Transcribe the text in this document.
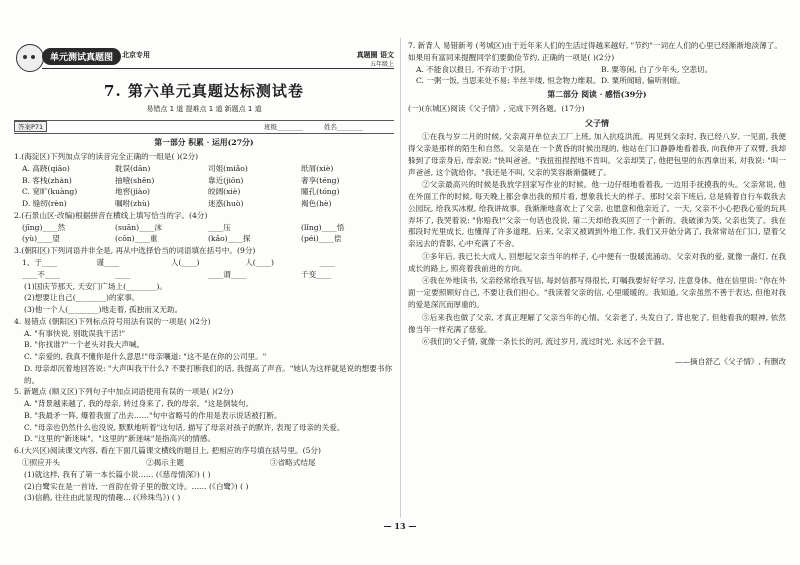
单元测试真题图	北京专用	真题圈 语文
五年级上
7. 第六单元真题达标测试卷
易错点 1 道 提难点 1 道 新题点 1 道
答案P71	班级________	姓名________
第一部分 积累 · 运用(27分)

1.(海淀区)下列加点字的读音完全正确的一组是( )(2分)

A. 高跷(qiāo)	耽误(dān)	司姐(miǎo)	纸屑(xiè)
B. 客栈(zhàn)	抽噎(shēn)	靠近(jiōn)	奢享(téng)
C. 宽旷(kuàng)	地窖(jiào)	皎阔(xiè)	瞳孔(tóng)
D. 缝纫(rèn)	嘱咐(zhù)	迷惑(huò)	褐色(hè)

2.(石景山区·改编)根据拼音在横线上填写恰当的字。(4分)

(jīng)____然	(suān)____沫	____压	(lǐng)____悟
(yù)____望	(cōn)____重	(kǎo)____探	(péi)____偿

3.(朝阳区)下列词语并非全是, 再从中选择恰当的词语填在括号中。(9分)

1、于____	谨____	人(____)	人(____)	____
____不____	____	____谓____	千变____

(1)国庆节那天, 天安门广场上(________)。

(2)想要让自己(________)的家事。

(3)他一个人(________)地走着, 孤独而又无助。

4. 易错点 (朝阳区)下列标点符号用法有误的一项是( )(2分)

A. "有事快说, 别耽误我干活!"

B. "你找谁?"一个老头对我大声喊。

C. "亲爱的, 我真不懂你是什么意思!"母亲嚷道: "这不是在你的公司里。"

D. 母亲却沉着地回答说: "大声叫我干什么? 不要打断我们的话, 我提高了声音。"她认为这样就是说的想要书你的。

5. 新题点 (顺义区)下列句子中加点词语使用有误的一项是( )(2分)

A. "背景越来越了, 我的母亲, 转过身来了, 我的母亲。"这是倒装句。

B. "我最矛一阵, 爆着我窗了出去……"句中省略号的作用是表示说话被打断。

C. "母亲也仍然什么也没说, 默默地听着"这句话, 描写了母亲对孩子的默许, 表现了母亲的关爱。

D. "这里的"新迷味"。"这里的"新迷味"是指高兴的情感。

6.(大兴区)阅读课文内容, 看在下面几篇课文横线的题目上, 把相应的序号填在括号里。(5分)

①照应开头	②揭示主题	③省略式结尾

(1)就这样, 我有了第一本长篇小说…… (《慈母情深》) ( )

(2)白鹭实在是一首诗, 一首韵在骨子里的散文诗。…… (《白鹭》) ( )

(3)信鹤, 往往由此显现的情趣… (《珍珠鸟》) ( )

7. 新背人 易错新考 (考城区)由于近年来人们的生活过得越来越好, "节约"一词在人们的心里已经渐渐地淡薄了。如果用有富同来提醒同学们要勤俭节约, 正确的一项是( )(2分)

A. 不能食以报日, 不弃动于寸阴。	B. 粟等闲, 白了少年头, 空悲切。
C. 一粥一饭, 当思来处不易; 半丝半缕, 恒念物力维艰。 D. 粟所闻暗, 偏听则暗。
第二部分 阅读 · 感悟(39分)

(一)(东城区)阅读《父子情》, 完成下列各题。(17分)

父子情

①在我与岁二月的时候, 父亲离开单位去工厂上班, 加入抗疫洪流。再见到父亲时, 我已经八岁, 一见面, 我便得父亲是那样的陌生和自然。父亲是在一个黄昏的时候出现的, 他站在门口静静地看着我, 向我伸开了双臂, 我却躲到了母亲身后, 母亲说: "快叫爸爸。"我扭扭捏捏地不肯叫。父亲却笑了, 他把包里的东西拿出来, 对我说: "叫一声爸爸, 这个就给你。"我还是不叫, 父亲的笑容渐渐僵硬了。

②父亲最高兴的时候是我放学回家写作业的时候。他一边仔细地看着我, 一边用手抚摸我的头。父亲常说, 他在外面工作的时候, 每天晚上都会拿出我的照片看, 想象我长大的样子。那时父亲下班后, 总是骑着自行车载我去公园玩, 给我买冰棍, 给我讲故事。我渐渐地喜欢上了父亲, 也愿意和他亲近了。一天, 父亲不小心把我心爱的玩具弄坏了, 我哭着说: "你赔我!"父亲一句话也没说, 第二天却给我买回了一个新的。我破涕为笑, 父亲也笑了。我在那段时光里成长, 也懂得了许多道理。后来, 父亲又被调到外地工作, 我们又开始分离了, 我常常站在门口, 望着父亲远去的背影, 心中充满了不舍。

③多年后, 我已长大成人, 回想起父亲当年的样子, 心中便有一股暖流涌动。父亲对我的爱, 就像一盏灯, 在我成长的路上, 照亮着我前进的方向。

④我在外地读书, 父亲经常给我写信, 每封信都写得很长, 叮嘱我要好好学习, 注意身体。他在信里说: "你在外面一定要照顾好自己, 不要让我们担心。"我读着父亲的信, 心里暖暖的。我知道, 父亲虽然不善于表达, 但他对我的爱是深沉而厚重的。

⑤后来我也做了父亲, 才真正理解了父亲当年的心情。父亲老了, 头发白了, 背也驼了, 但他看我的眼神, 依然像当年一样充满了慈爱。

⑥我们的父子情, 就像一条长长的河, 流过岁月, 流过时光, 永远不会干涸。

——摘自舒乙《父子情》, 有删改

— 13 —
